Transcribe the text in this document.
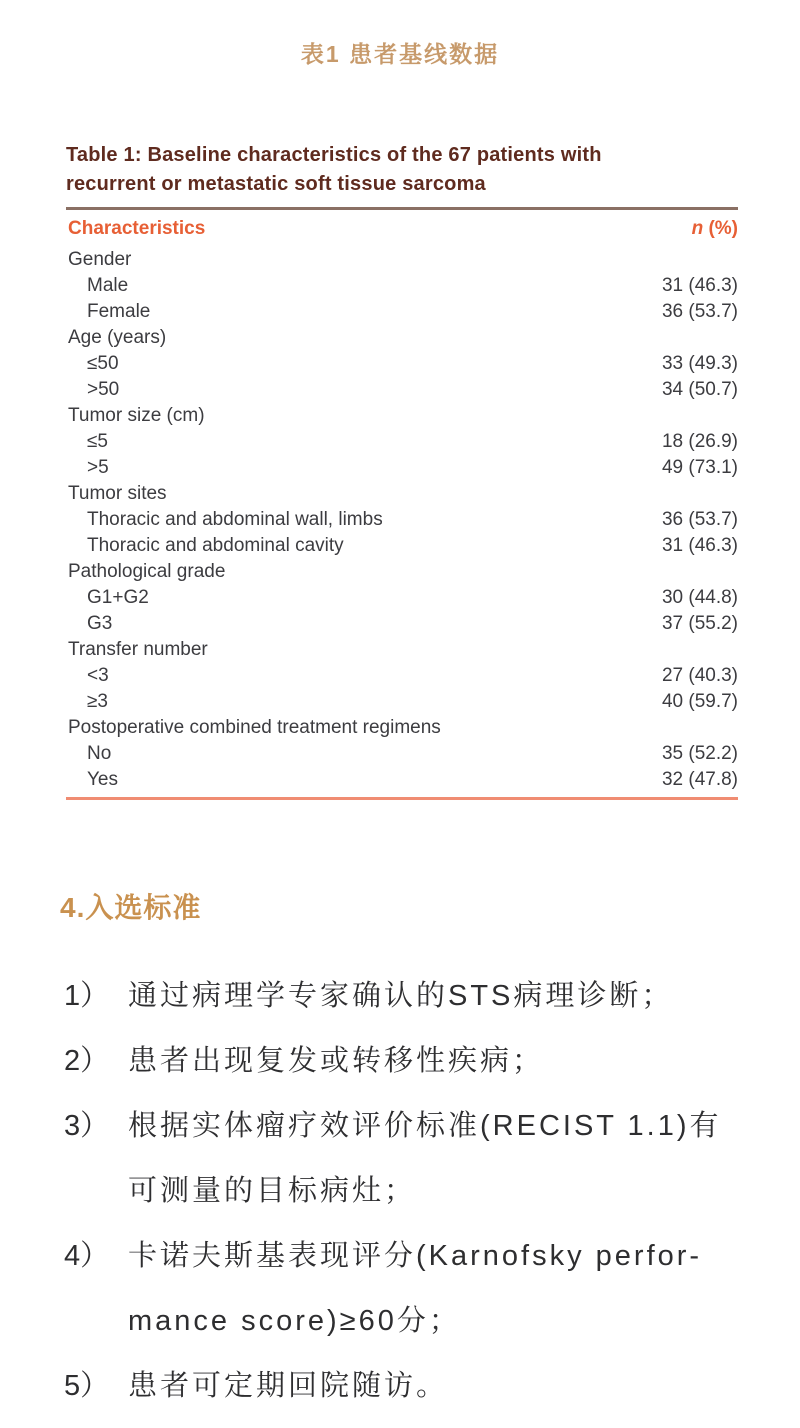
表1 患者基线数据
Table 1: Baseline characteristics of the 67 patients with
recurrent or metastatic soft tissue sarcoma
Characteristics	n (%)
Gender
Male	31 (46.3)
Female	36 (53.7)
Age (years)
≤50	33 (49.3)
>50	34 (50.7)
Tumor size (cm)
≤5	18 (26.9)
>5	49 (73.1)
Tumor sites
Thoracic and abdominal wall, limbs	36 (53.7)
Thoracic and abdominal cavity	31 (46.3)
Pathological grade
G1+G2	30 (44.8)
G3	37 (55.2)
Transfer number
<3	27 (40.3)
≥3	40 (59.7)
Postoperative combined treatment regimens
No	35 (52.2)
Yes	32 (47.8)
4.入选标准
1） 通过病理学专家确认的STS病理诊断；
2） 患者出现复发或转移性疾病；
3） 根据实体瘤疗效评价标准(RECIST 1.1)有
可测量的目标病灶；
4） 卡诺夫斯基表现评分(Karnofsky perfor-
mance score)≥60分；
5） 患者可定期回院随访。
